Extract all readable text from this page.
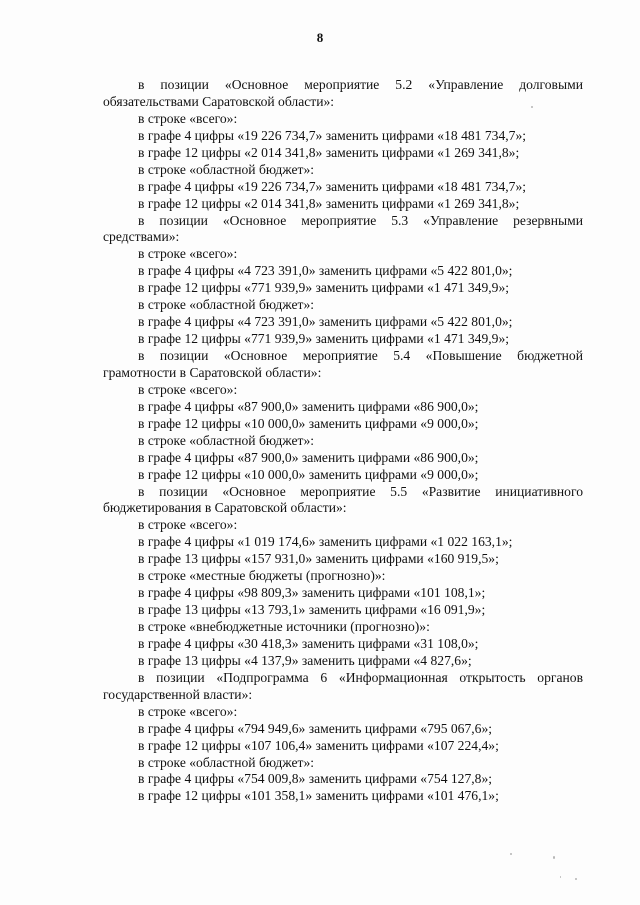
8
в позиции «Основное мероприятие 5.2 «Управление долговыми
обязательствами Саратовской области»:
в строке «всего»:
в графе 4 цифры «19 226 734,7» заменить цифрами «18 481 734,7»;
в графе 12 цифры «2 014 341,8» заменить цифрами «1 269 341,8»;
в строке «областной бюджет»:
в графе 4 цифры «19 226 734,7» заменить цифрами «18 481 734,7»;
в графе 12 цифры «2 014 341,8» заменить цифрами «1 269 341,8»;
в позиции «Основное мероприятие 5.3 «Управление резервными
средствами»:
в строке «всего»:
в графе 4 цифры «4 723 391,0» заменить цифрами «5 422 801,0»;
в графе 12 цифры «771 939,9» заменить цифрами «1 471 349,9»;
в строке «областной бюджет»:
в графе 4 цифры «4 723 391,0» заменить цифрами «5 422 801,0»;
в графе 12 цифры «771 939,9» заменить цифрами «1 471 349,9»;
в позиции «Основное мероприятие 5.4 «Повышение бюджетной
грамотности в Саратовской области»:
в строке «всего»:
в графе 4 цифры «87 900,0» заменить цифрами «86 900,0»;
в графе 12 цифры «10 000,0» заменить цифрами «9 000,0»;
в строке «областной бюджет»:
в графе 4 цифры «87 900,0» заменить цифрами «86 900,0»;
в графе 12 цифры «10 000,0» заменить цифрами «9 000,0»;
в позиции «Основное мероприятие 5.5 «Развитие инициативного
бюджетирования в Саратовской области»:
в строке «всего»:
в графе 4 цифры «1 019 174,6» заменить цифрами «1 022 163,1»;
в графе 13 цифры «157 931,0» заменить цифрами «160 919,5»;
в строке «местные бюджеты (прогнозно)»:
в графе 4 цифры «98 809,3» заменить цифрами «101 108,1»;
в графе 13 цифры «13 793,1» заменить цифрами «16 091,9»;
в строке «внебюджетные источники (прогнозно)»:
в графе 4 цифры «30 418,3» заменить цифрами «31 108,0»;
в графе 13 цифры «4 137,9» заменить цифрами «4 827,6»;
в позиции «Подпрограмма 6 «Информационная открытость органов
государственной власти»:
в строке «всего»:
в графе 4 цифры «794 949,6» заменить цифрами «795 067,6»;
в графе 12 цифры «107 106,4» заменить цифрами «107 224,4»;
в строке «областной бюджет»:
в графе 4 цифры «754 009,8» заменить цифрами «754 127,8»;
в графе 12 цифры «101 358,1» заменить цифрами «101 476,1»;
